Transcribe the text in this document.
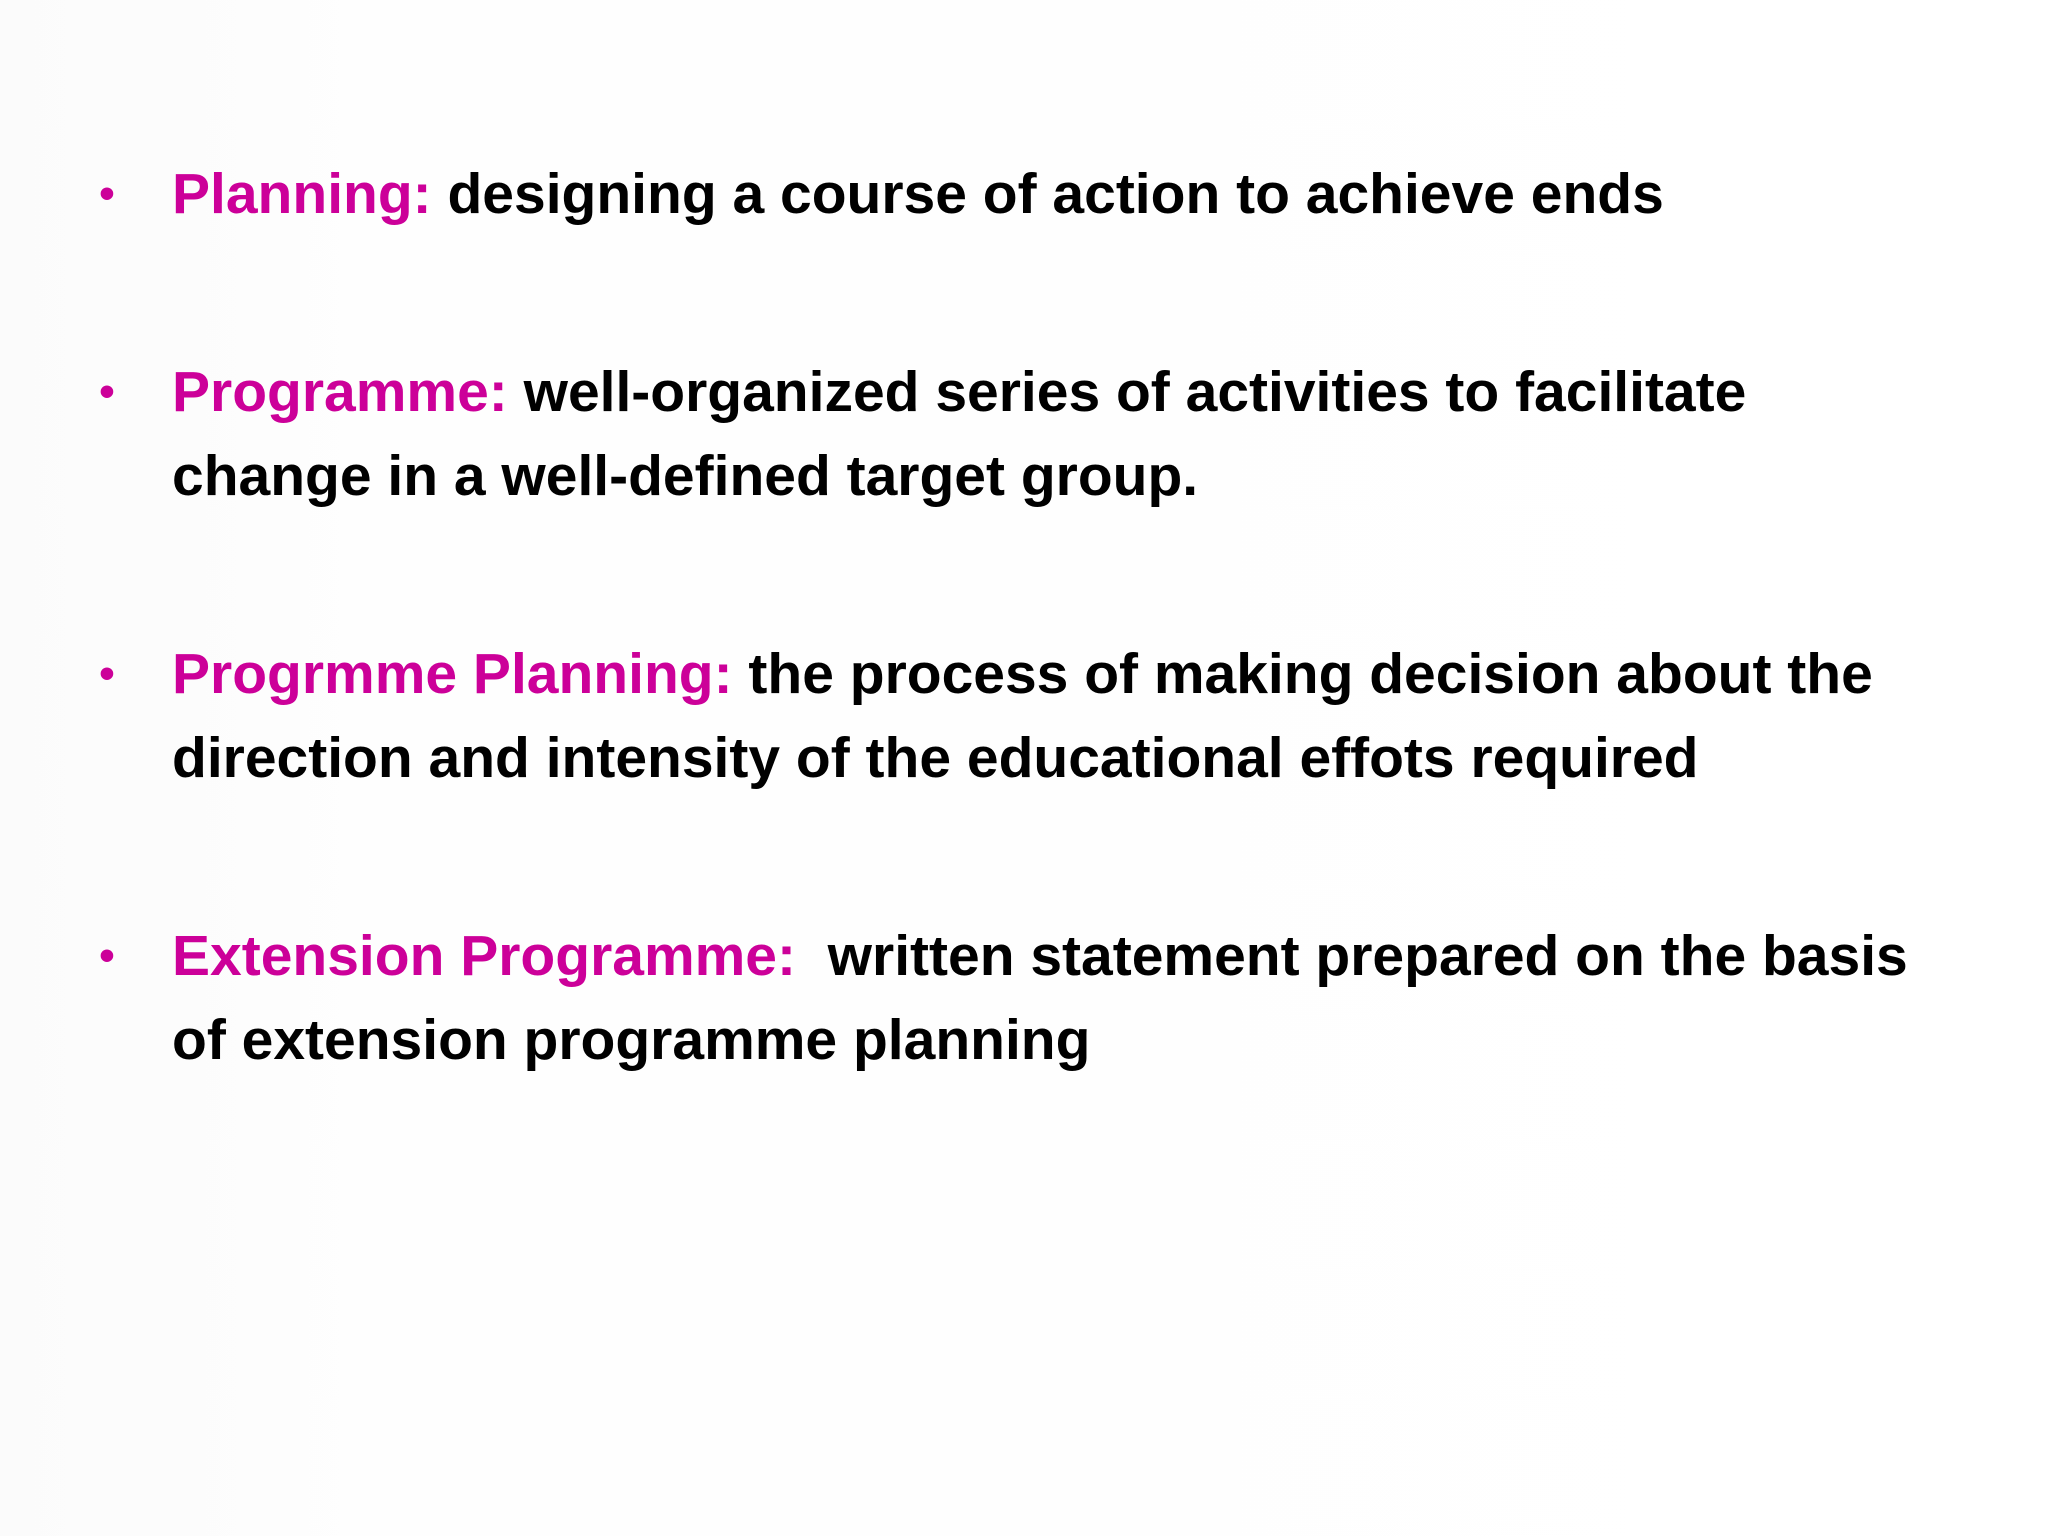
• Planning: designing a course of action to achieve ends
• Programme: well-organized series of activities to facilitate change in a well-defined target group.
• Progrmme Planning: the process of making decision about the direction and intensity of the educational effots required
• Extension Programme:  written statement prepared on the basis of extension programme planning
